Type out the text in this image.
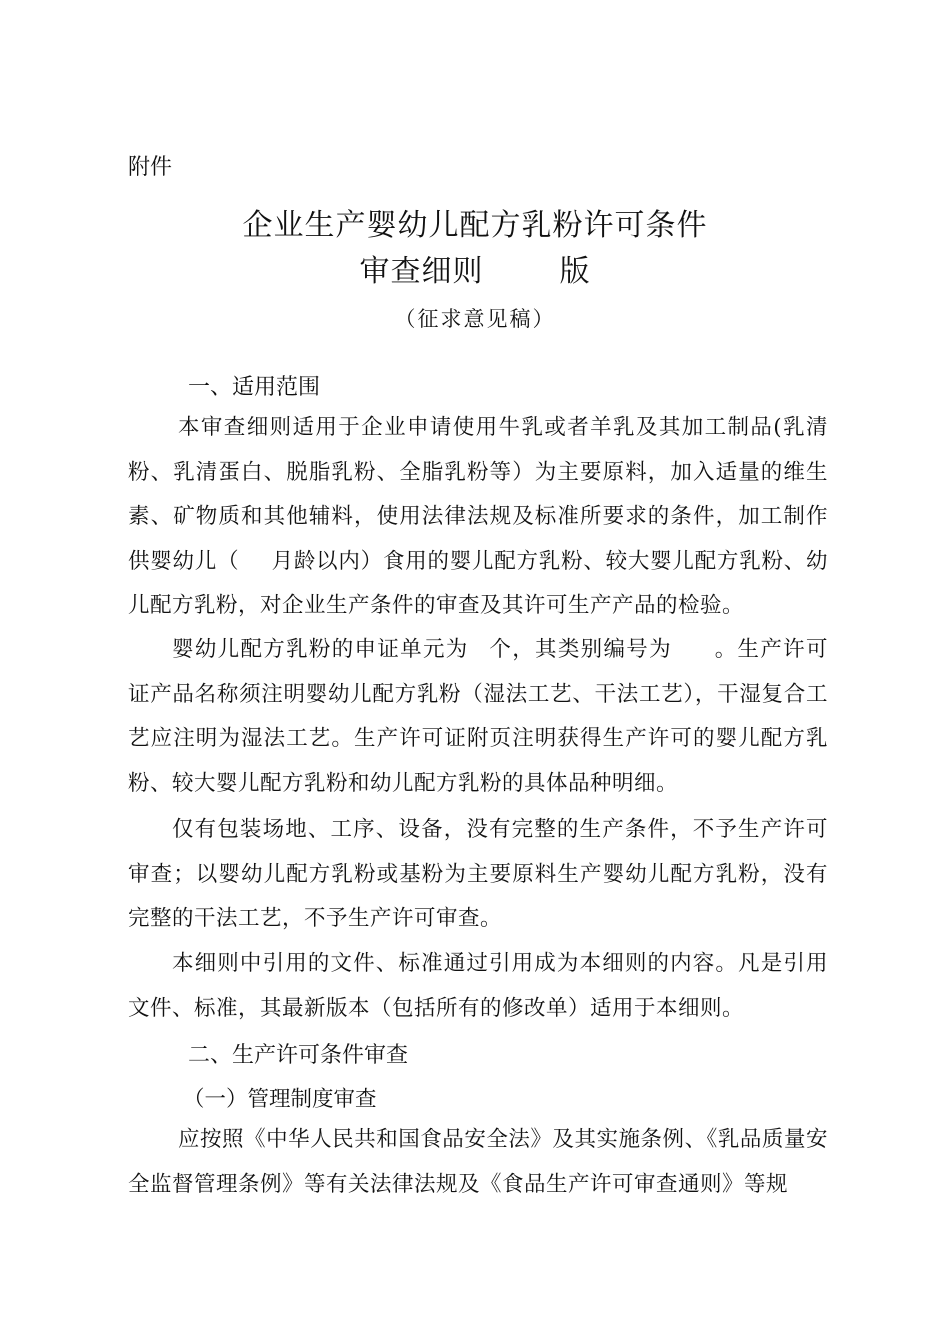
附件
企业生产婴幼儿配方乳粉许可条件
审查细则	版
（征求意见稿）
一、适用范围
本审查细则适用于企业申请使用牛乳或者羊乳及其加工制品(乳清粉、乳清蛋白、脱脂乳粉、全脂乳粉等）为主要原料，加入适量的维生素、矿物质和其他辅料，使用法律法规及标准所要求的条件，加工制作供婴幼儿（ 月龄以内）食用的婴儿配方乳粉、较大婴儿配方乳粉、幼儿配方乳粉，对企业生产条件的审查及其许可生产产品的检验。
婴幼儿配方乳粉的申证单元为 个，其类别编号为 。生产许可证产品名称须注明婴幼儿配方乳粉（湿法工艺、干法工艺），干湿复合工艺应注明为湿法工艺。生产许可证附页注明获得生产许可的婴儿配方乳粉、较大婴儿配方乳粉和幼儿配方乳粉的具体品种明细。
仅有包装场地、工序、设备，没有完整的生产条件，不予生产许可审查；以婴幼儿配方乳粉或基粉为主要原料生产婴幼儿配方乳粉，没有完整的干法工艺，不予生产许可审查。
本细则中引用的文件、标准通过引用成为本细则的内容。凡是引用文件、标准，其最新版本（包括所有的修改单）适用于本细则。
二、生产许可条件审查
（一）管理制度审查
应按照《中华人民共和国食品安全法》及其实施条例、《乳品质量安全监督管理条例》等有关法律法规及《食品生产许可审查通则》等规
